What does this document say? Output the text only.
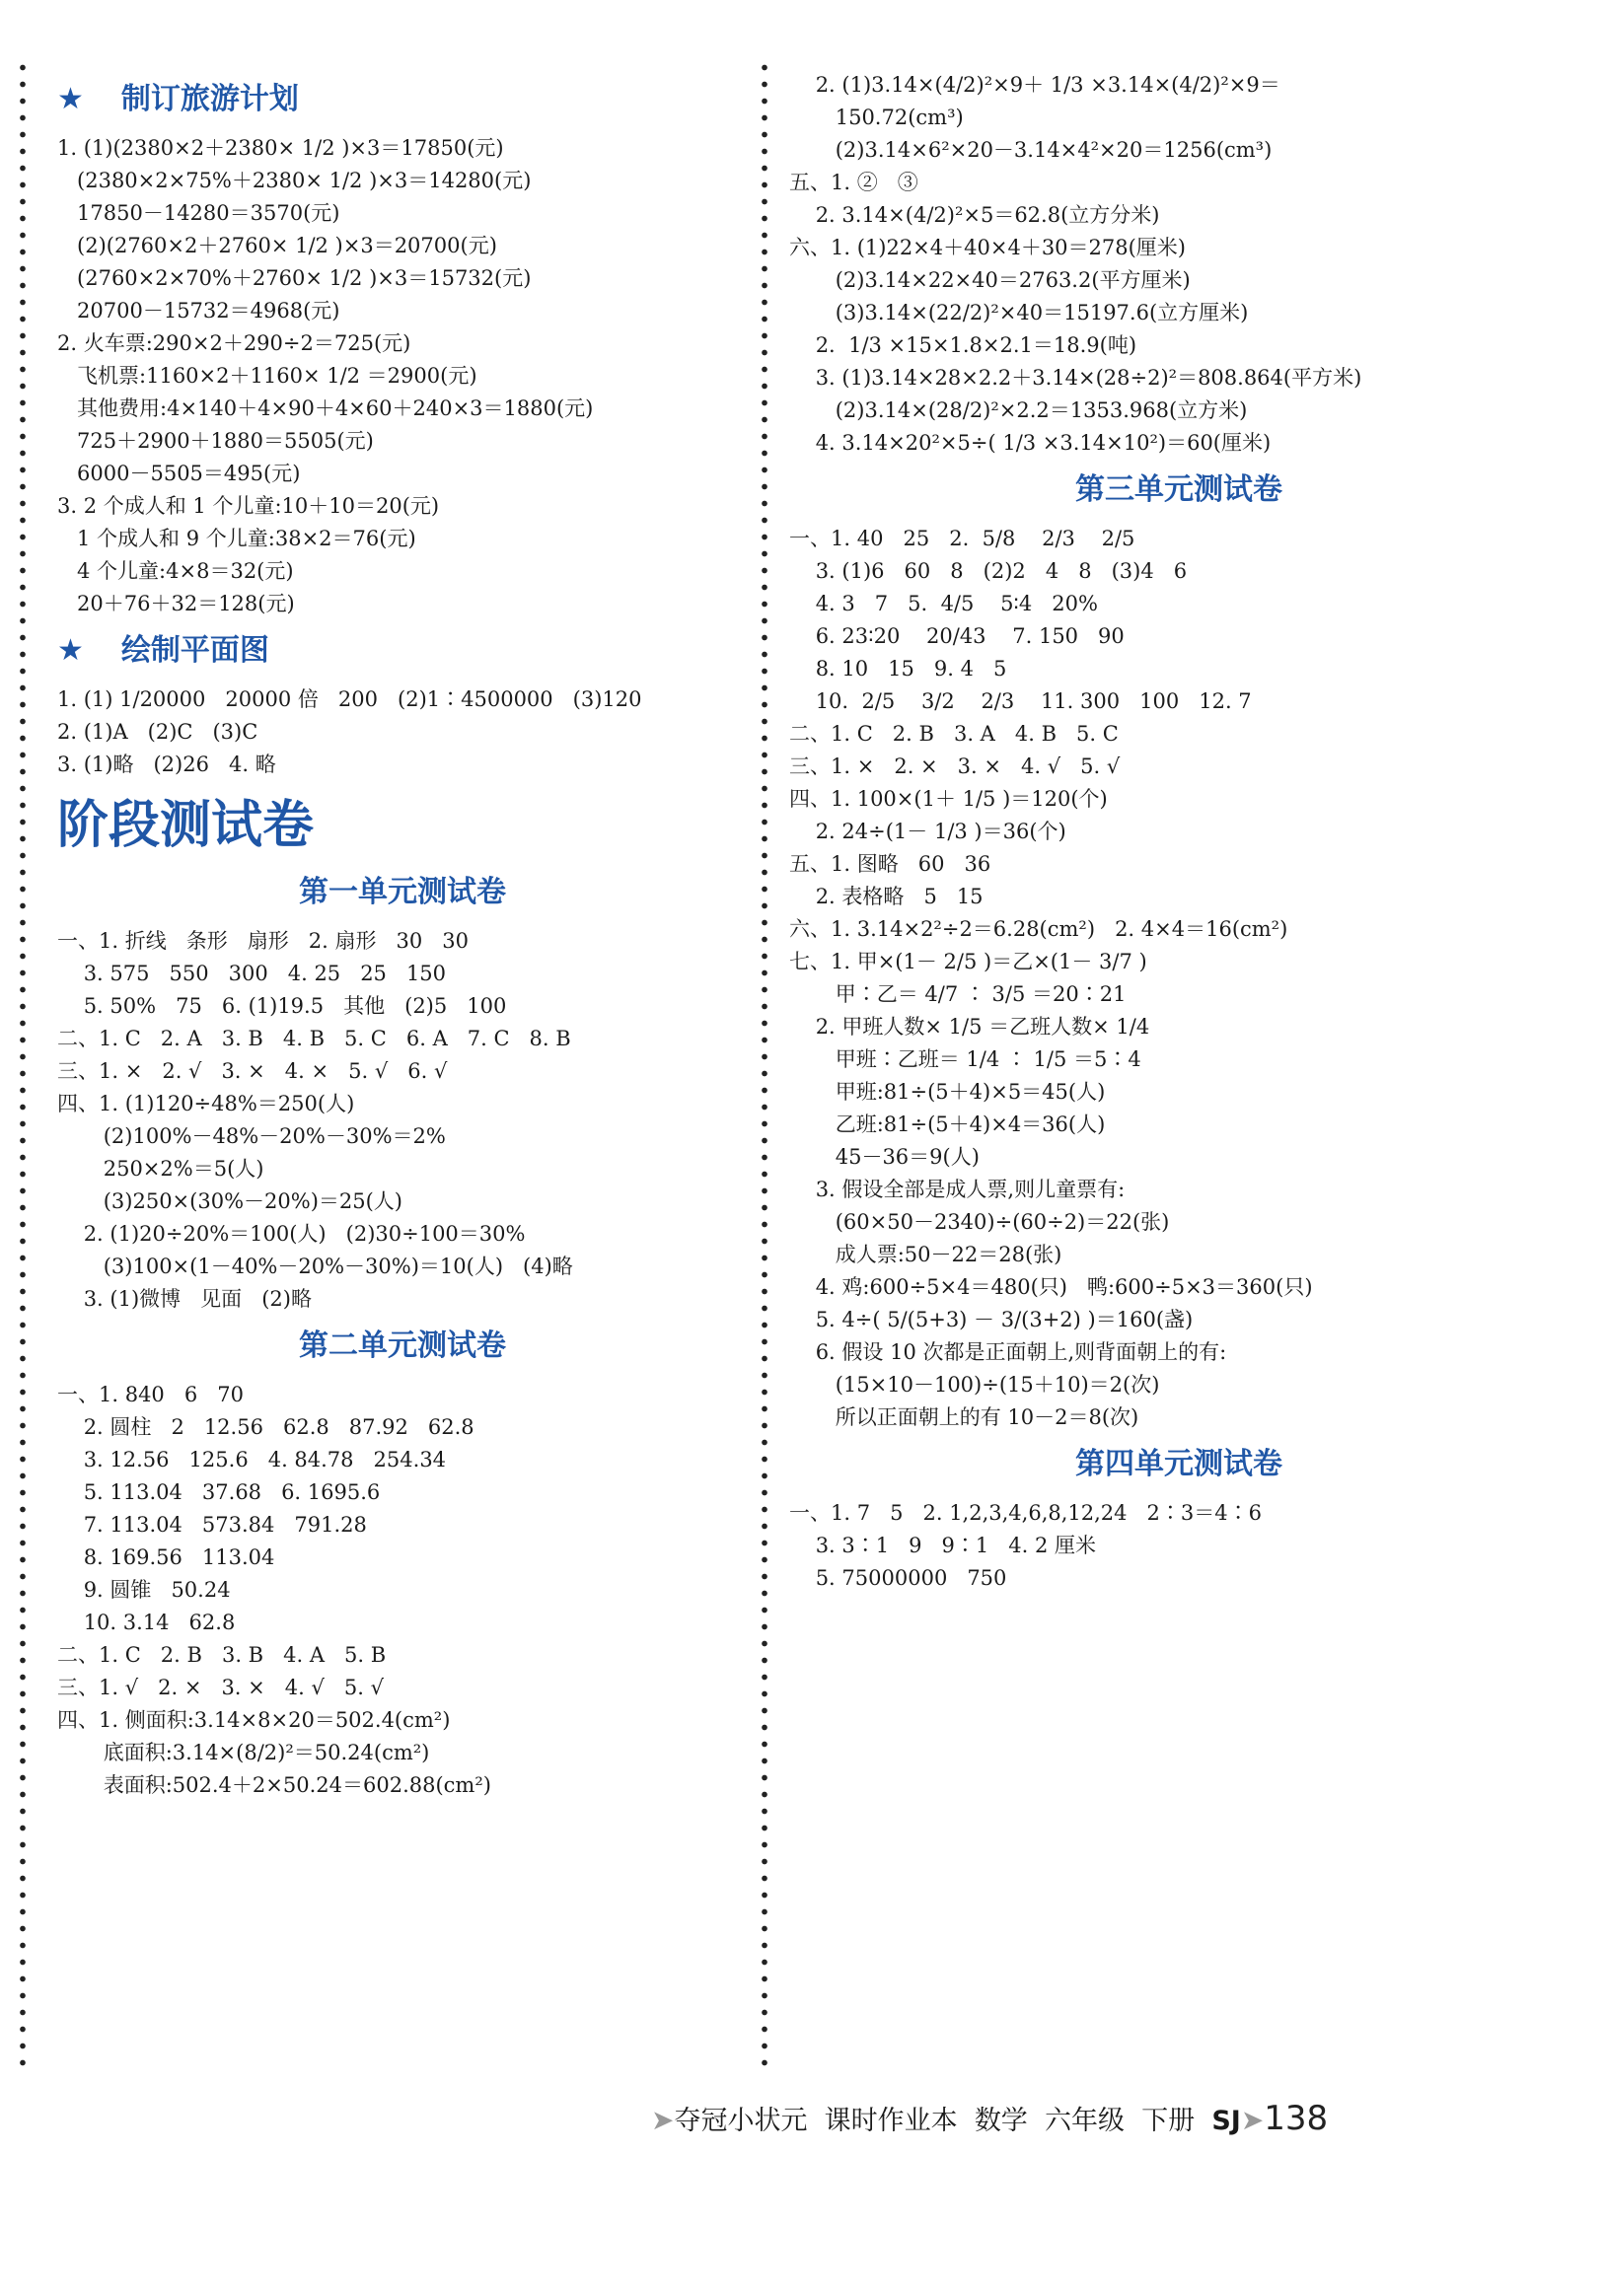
★ 制订旅游计划
1. (1)(2380×2＋2380× 1/2 )×3＝17850(元)
(2380×2×75%＋2380× 1/2 )×3＝14280(元)
17850－14280＝3570(元)
(2)(2760×2＋2760× 1/2 )×3＝20700(元)
(2760×2×70%＋2760× 1/2 )×3＝15732(元)
20700－15732＝4968(元)
2. 火车票:290×2＋290÷2＝725(元)
飞机票:1160×2＋1160× 1/2 ＝2900(元)
其他费用:4×140＋4×90＋4×60＋240×3＝1880(元)
725＋2900＋1880＝5505(元)
6000－5505＝495(元)
3. 2 个成人和 1 个儿童:10＋10＝20(元)
1 个成人和 9 个儿童:38×2＝76(元)
4 个儿童:4×8＝32(元)
20＋76＋32＝128(元)
★ 绘制平面图
1. (1) 1/20000   20000 倍   200   (2)1∶4500000   (3)120
2. (1)A   (2)C   (3)C
3. (1)略   (2)26   4. 略
阶段测试卷
第一单元测试卷
一、1. 折线   条形   扇形   2. 扇形   30   30
3. 575   550   300   4. 25   25   150
5. 50%   75   6. (1)19.5   其他   (2)5   100
二、1. C   2. A   3. B   4. B   5. C   6. A   7. C   8. B
三、1. ×   2. √   3. ×   4. ×   5. √   6. √
四、1. (1)120÷48%＝250(人)
(2)100%－48%－20%－30%＝2%
250×2%＝5(人)
(3)250×(30%－20%)＝25(人)
2. (1)20÷20%＝100(人)   (2)30÷100＝30%
(3)100×(1－40%－20%－30%)＝10(人)   (4)略
3. (1)微博   见面   (2)略
第二单元测试卷
一、1. 840   6   70
2. 圆柱   2   12.56   62.8   87.92   62.8
3. 12.56   125.6   4. 84.78   254.34
5. 113.04   37.68   6. 1695.6
7. 113.04   573.84   791.28
8. 169.56   113.04
9. 圆锥   50.24
10. 3.14   62.8
二、1. C   2. B   3. B   4. A   5. B
三、1. √   2. ×   3. ×   4. √   5. √
四、1. 侧面积:3.14×8×20＝502.4(cm²)
底面积:3.14×(8/2)²＝50.24(cm²)
表面积:502.4＋2×50.24＝602.88(cm²)
2. (1)3.14×(4/2)²×9＋ 1/3 ×3.14×(4/2)²×9＝
150.72(cm³)
(2)3.14×6²×20－3.14×4²×20＝1256(cm³)
五、1. ②   ③
2. 3.14×(4/2)²×5＝62.8(立方分米)
六、1. (1)22×4＋40×4＋30＝278(厘米)
(2)3.14×22×40＝2763.2(平方厘米)
(3)3.14×(22/2)²×40＝15197.6(立方厘米)
2.  1/3 ×15×1.8×2.1＝18.9(吨)
3. (1)3.14×28×2.2＋3.14×(28÷2)²＝808.864(平方米)
(2)3.14×(28/2)²×2.2＝1353.968(立方米)
4. 3.14×20²×5÷( 1/3 ×3.14×10²)＝60(厘米)
第三单元测试卷
一、1. 40   25   2.  5/8    2/3    2/5
3. (1)6   60   8   (2)2   4   8   (3)4   6
4. 3   7   5.  4/5    5∶4   20%
6. 23∶20    20/43    7. 150   90
8. 10   15   9. 4   5
10.  2/5    3/2    2/3    11. 300   100   12. 7
二、1. C   2. B   3. A   4. B   5. C
三、1. ×   2. ×   3. ×   4. √   5. √
四、1. 100×(1＋ 1/5 )＝120(个)
2. 24÷(1－ 1/3 )＝36(个)
五、1. 图略   60   36
2. 表格略   5   15
六、1. 3.14×2²÷2＝6.28(cm²)   2. 4×4＝16(cm²)
七、1. 甲×(1－ 2/5 )＝乙×(1－ 3/7 )
甲∶乙＝ 4/7 ∶ 3/5 ＝20∶21
2. 甲班人数× 1/5 ＝乙班人数× 1/4
甲班∶乙班＝ 1/4 ∶ 1/5 ＝5∶4
甲班:81÷(5＋4)×5＝45(人)
乙班:81÷(5＋4)×4＝36(人)
45－36＝9(人)
3. 假设全部是成人票,则儿童票有:
(60×50－2340)÷(60÷2)＝22(张)
成人票:50－22＝28(张)
4. 鸡:600÷5×4＝480(只)   鸭:600÷5×3＝360(只)
5. 4÷( 5/(5+3) － 3/(3+2) )＝160(盏)
6. 假设 10 次都是正面朝上,则背面朝上的有:
(15×10－100)÷(15＋10)＝2(次)
所以正面朝上的有 10－2＝8(次)
第四单元测试卷
一、1. 7   5   2. 1,2,3,4,6,8,12,24   2∶3＝4∶6
3. 3∶1   9   9∶1   4. 2 厘米
5. 75000000   750
➤夺冠小状元 课时作业本 数学 六年级 下册 SJ➤138
